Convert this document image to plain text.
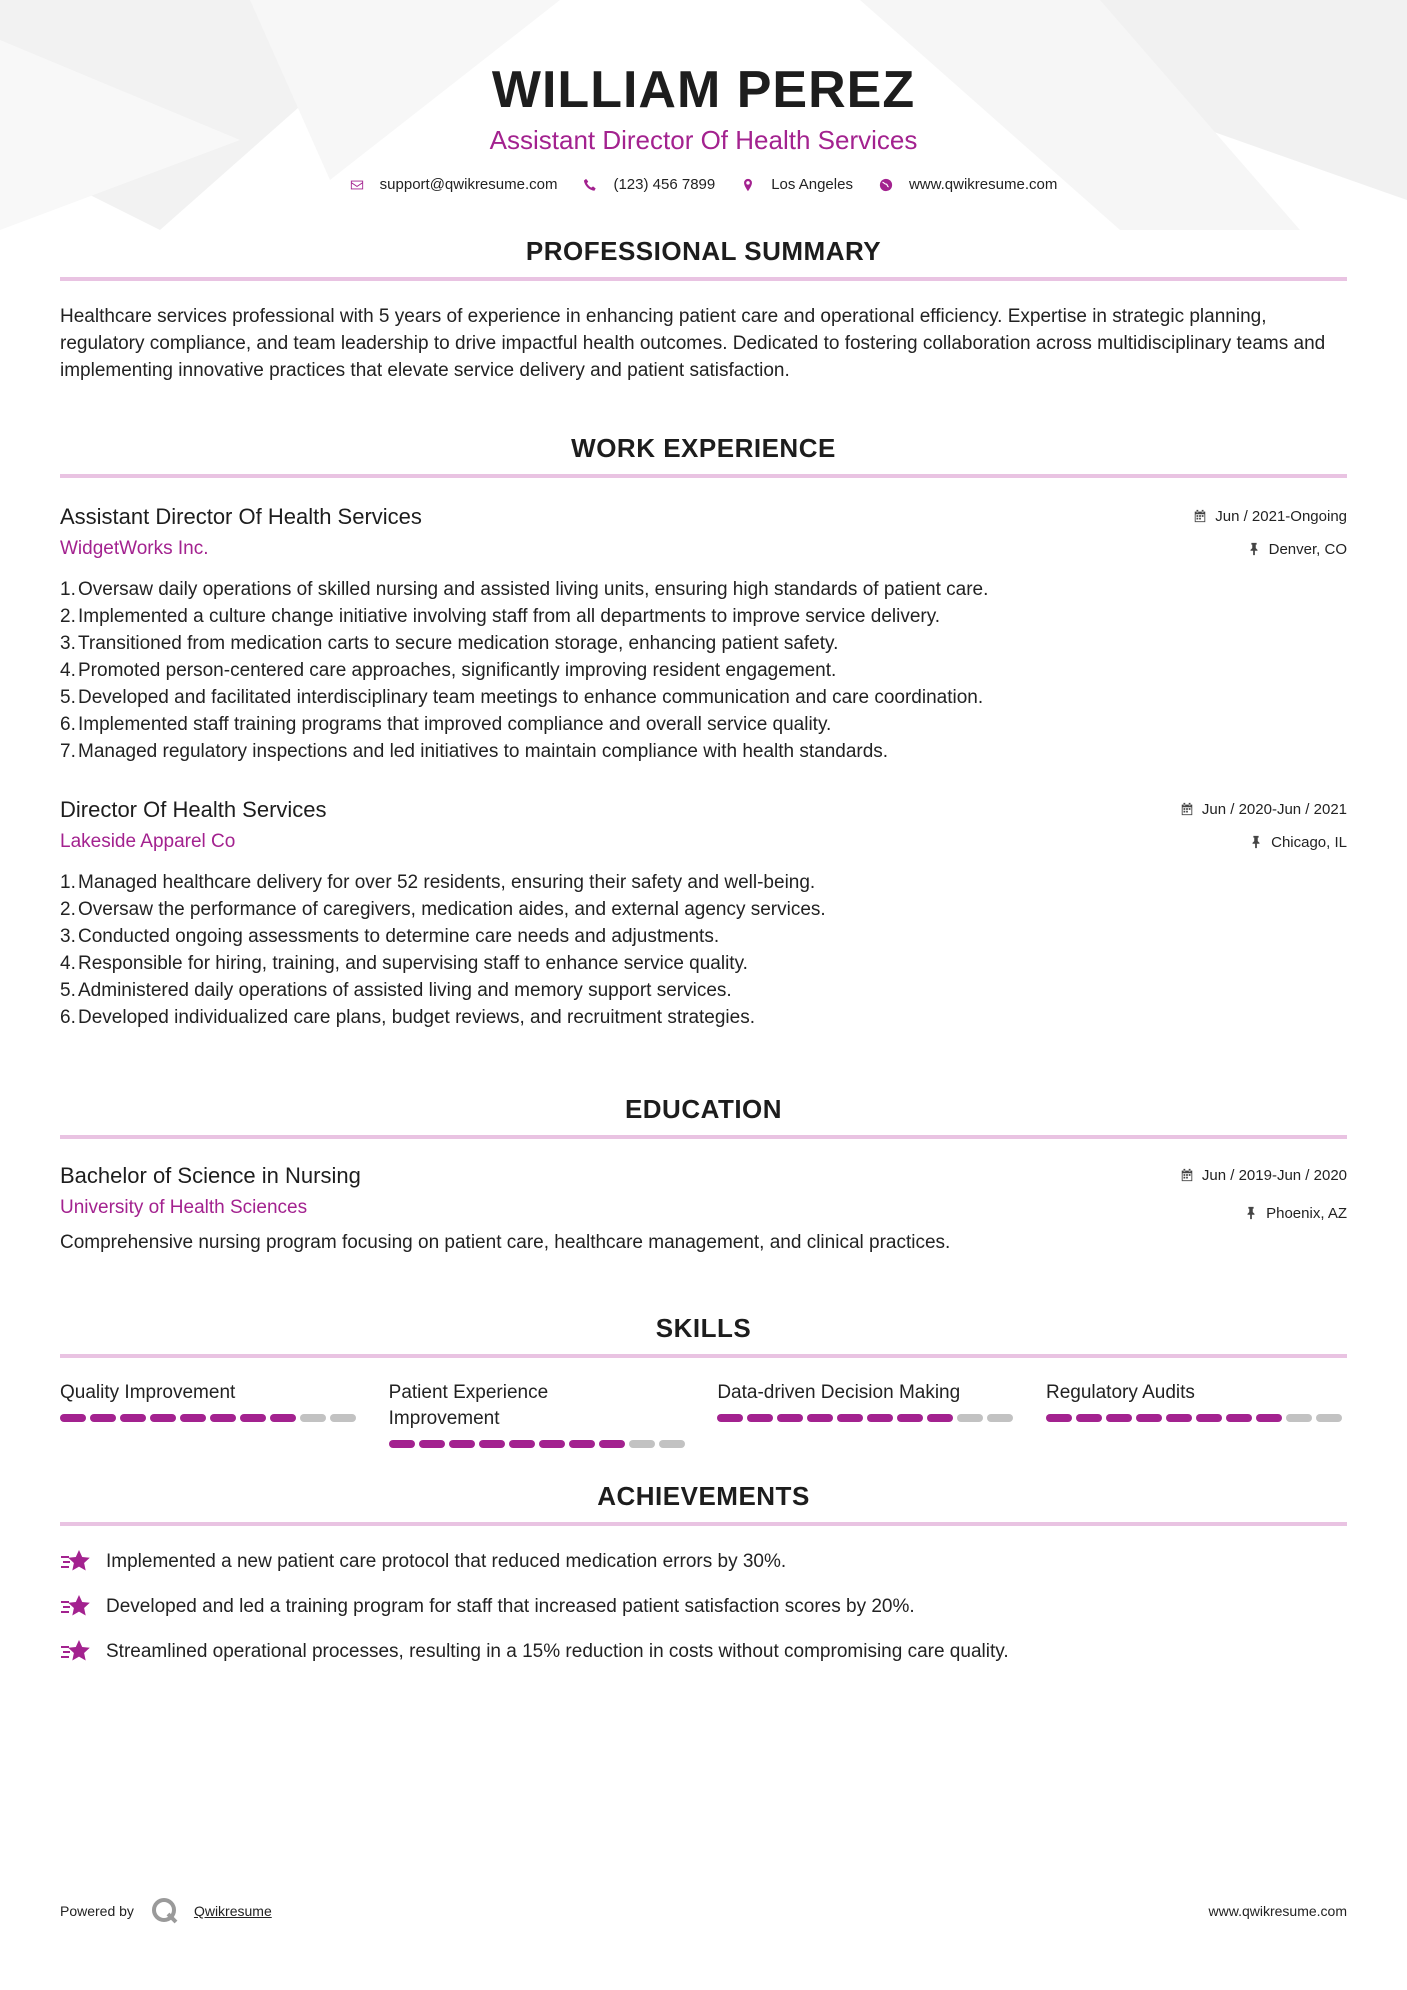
WILLIAM PEREZ
Assistant Director Of Health Services
support@qwikresume.com	(123) 456 7899	Los Angeles	www.qwikresume.com
PROFESSIONAL SUMMARY
Healthcare services professional with 5 years of experience in enhancing patient care and operational efficiency. Expertise in strategic planning, regulatory compliance, and team leadership to drive impactful health outcomes. Dedicated to fostering collaboration across multidisciplinary teams and implementing innovative practices that elevate service delivery and patient satisfaction.
WORK EXPERIENCE
Assistant Director Of Health Services
WidgetWorks Inc.
Jun / 2021-Ongoing
Denver, CO
1. Oversaw daily operations of skilled nursing and assisted living units, ensuring high standards of patient care.
2. Implemented a culture change initiative involving staff from all departments to improve service delivery.
3. Transitioned from medication carts to secure medication storage, enhancing patient safety.
4. Promoted person-centered care approaches, significantly improving resident engagement.
5. Developed and facilitated interdisciplinary team meetings to enhance communication and care coordination.
6. Implemented staff training programs that improved compliance and overall service quality.
7. Managed regulatory inspections and led initiatives to maintain compliance with health standards.
Director Of Health Services
Lakeside Apparel Co
Jun / 2020-Jun / 2021
Chicago, IL
1. Managed healthcare delivery for over 52 residents, ensuring their safety and well-being.
2. Oversaw the performance of caregivers, medication aides, and external agency services.
3. Conducted ongoing assessments to determine care needs and adjustments.
4. Responsible for hiring, training, and supervising staff to enhance service quality.
5. Administered daily operations of assisted living and memory support services.
6. Developed individualized care plans, budget reviews, and recruitment strategies.
EDUCATION
Bachelor of Science in Nursing
University of Health Sciences
Jun / 2019-Jun / 2020
Phoenix, AZ
Comprehensive nursing program focusing on patient care, healthcare management, and clinical practices.
SKILLS
Quality Improvement	Patient Experience Improvement
Data-driven Decision Making	Regulatory Audits
ACHIEVEMENTS
Implemented a new patient care protocol that reduced medication errors by 30%.
Developed and led a training program for staff that increased patient satisfaction scores by 20%.
Streamlined operational processes, resulting in a 15% reduction in costs without compromising care quality.
Powered by	Qwikresume	www.qwikresume.com
